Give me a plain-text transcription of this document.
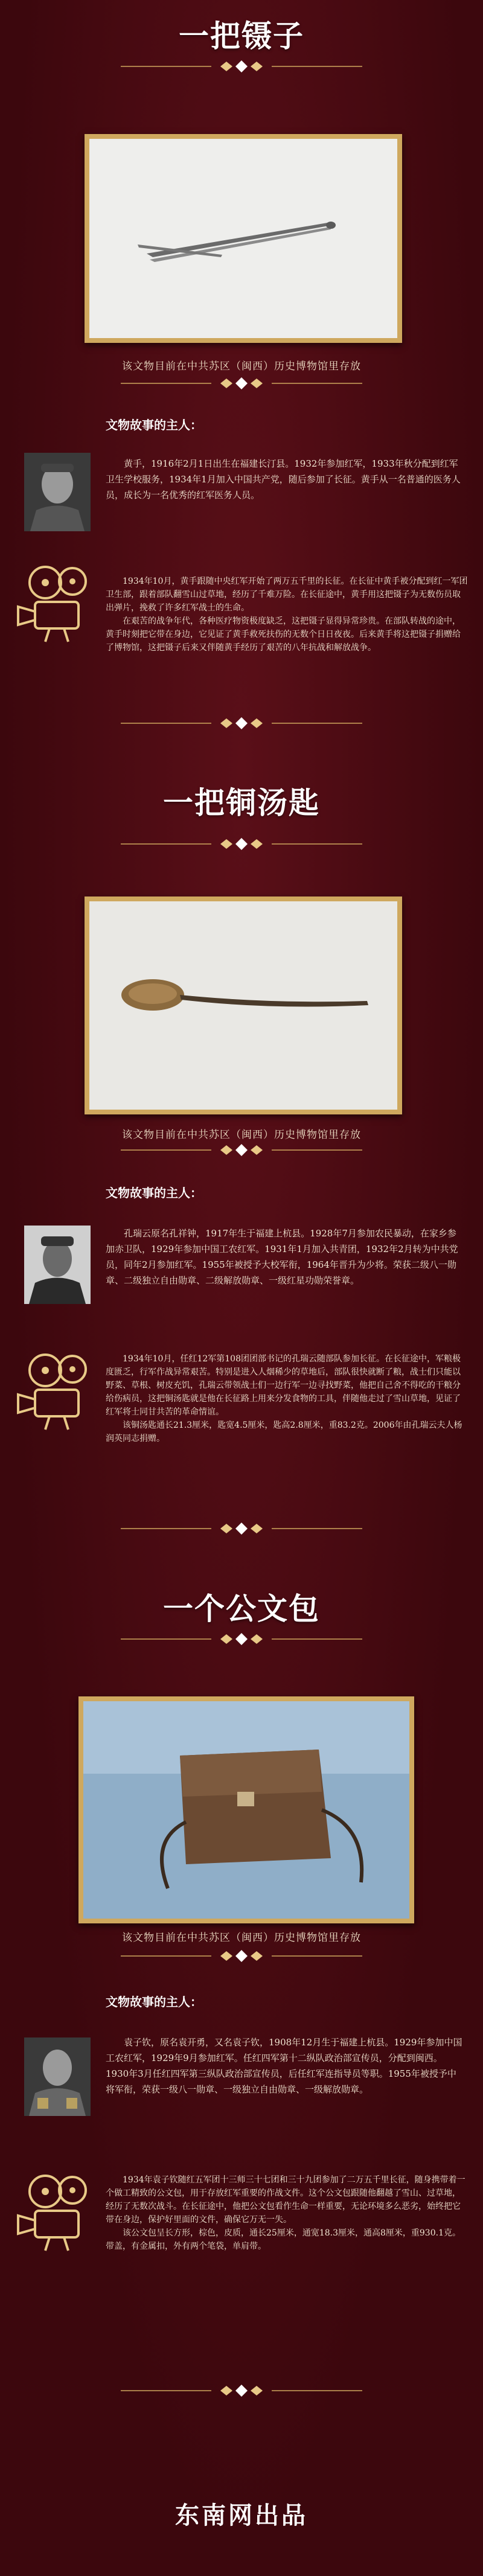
一把镊子
该文物目前在中共苏区（闽西）历史博物馆里存放
文物故事的主人：
黄手，1916年2月1日出生在福建长汀县。1932年参加红军，1933年秋分配到红军卫生学校服务，1934年1月加入中国共产党，随后参加了长征。黄手从一名普通的医务人员，成长为一名优秀的红军医务人员。

1934年10月，黄手跟随中央红军开始了两万五千里的长征。在长征中黄手被分配到红一军团卫生部，跟着部队翻雪山过草地，经历了千难万险。在长征途中，黄手用这把镊子为无数伤员取出弹片，挽救了许多红军战士的生命。

在艰苦的战争年代，各种医疗物资极度缺乏，这把镊子显得异常珍贵。在部队转战的途中，黄手时刻把它带在身边，它见证了黄手救死扶伤的无数个日日夜夜。后来黄手将这把镊子捐赠给了博物馆，这把镊子后来又伴随黄手经历了艰苦的八年抗战和解放战争。

一把铜汤匙
该文物目前在中共苏区（闽西）历史博物馆里存放
文物故事的主人：
孔瑞云原名孔祥钟，1917年生于福建上杭县。1928年7月参加农民暴动，在家乡参加赤卫队，1929年参加中国工农红军。1931年1月加入共青团，1932年2月转为中共党员，同年2月参加红军。1955年被授予大校军衔，1964年晋升为少将。荣获二级八一勋章、二级独立自由勋章、二级解放勋章、一级红星功勋荣誉章。

1934年10月，任红12军第108团团部书记的孔瑞云随部队参加长征。在长征途中，军粮极度匮乏，行军作战异常艰苦。特别是进入人烟稀少的草地后，部队很快就断了粮，战士们只能以野菜、草根、树皮充饥，孔瑞云带领战士们一边行军一边寻找野菜，他把自己舍不得吃的干粮分给伤病员，这把铜汤匙就是他在长征路上用来分发食物的工具，伴随他走过了雪山草地，见证了红军将士同甘共苦的革命情谊。

该铜汤匙通长21.3厘米，匙宽4.5厘米，匙高2.8厘米，重83.2克。2006年由孔瑞云夫人杨润英同志捐赠。

一个公文包
该文物目前在中共苏区（闽西）历史博物馆里存放
文物故事的主人：
袁子钦，原名袁开勇，又名袁子钦，1908年12月生于福建上杭县。1929年参加中国工农红军，1929年9月参加红军。任红四军第十二纵队政治部宣传员，分配到闽西。1930年3月任红四军第三纵队政治部宣传员，后任红军连指导员等职。1955年被授予中将军衔，荣获一级八一勋章、一级独立自由勋章、一级解放勋章。

1934年袁子钦随红五军团十三师三十七团和三十九团参加了二万五千里长征，随身携带着一个做工精致的公文包，用于存放红军重要的作战文件。这个公文包跟随他翻越了雪山、过草地，经历了无数次战斗。在长征途中，他把公文包看作生命一样重要，无论环境多么恶劣，始终把它带在身边，保护好里面的文件，确保它万无一失。

该公文包呈长方形，棕色，皮质，通长25厘米，通宽18.3厘米，通高8厘米，重930.1克。带盖，有金属扣，外有两个笔袋，单肩带。

东南网出品
